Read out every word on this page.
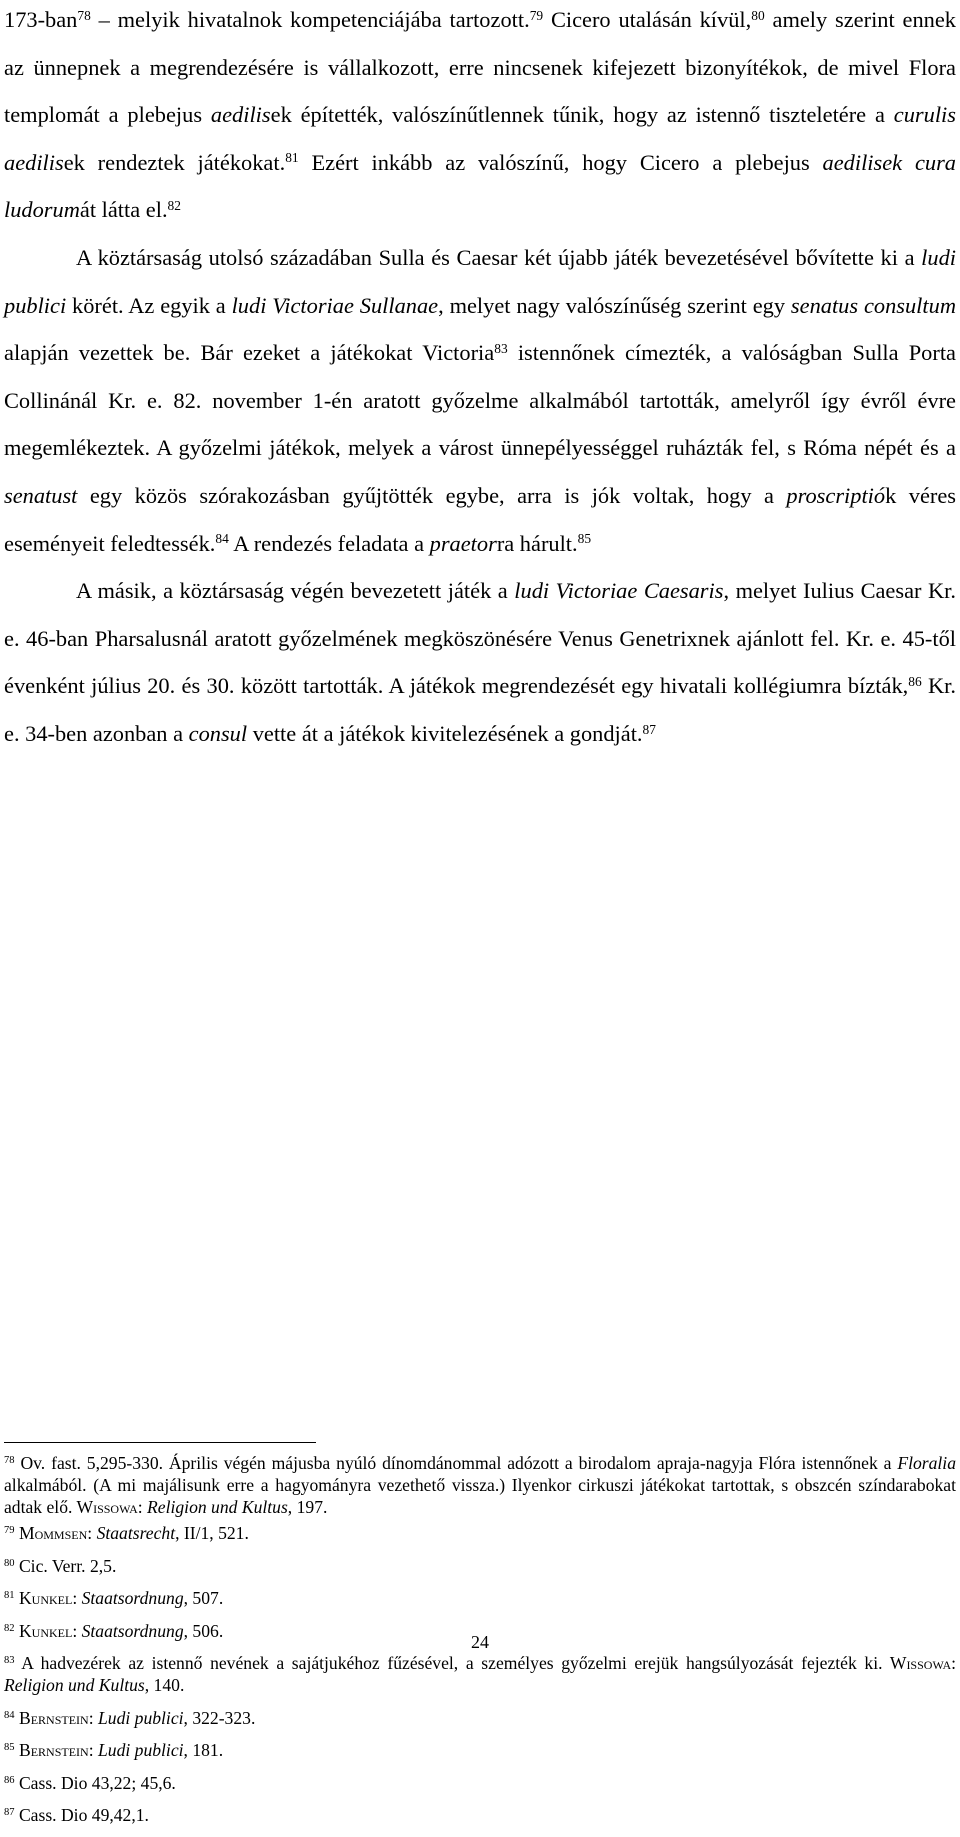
173-ban$^{78}$ – melyik hivatalnok kompetenciájába tartozott.$^{79}$ Cicero utalásán kívül,$^{80}$ amely szerint ennek az ünnepnek a megrendezésére is vállalkozott, erre nincsenek kifejezett bizonyítékok, de mivel Flora templomát a plebejus aedilisek építették, valószínűtlennek tűnik, hogy az istennő tiszteletére a curulis aedilisek rendeztek játékokat.$^{81}$ Ezért inkább az valószínű, hogy Cicero a plebejus aedilisek cura ludorumát látta el.$^{82}$

A köztársaság utolsó századában Sulla és Caesar két újabb játék bevezetésével bővítette ki a ludi publici körét. Az egyik a ludi Victoriae Sullanae, melyet nagy valószínűség szerint egy senatus consultum alapján vezettek be. Bár ezeket a játékokat Victoria$^{83}$ istennőnek címezték, a valóságban Sulla Porta Collinánál Kr. e. 82. november 1-én aratott győzelme alkalmából tartották, amelyről így évről évre megemlékeztek. A győzelmi játékok, melyek a várost ünnepélyességgel ruházták fel, s Róma népét és a senatust egy közös szórakozásban gyűjtötték egybe, arra is jók voltak, hogy a proscriptiók véres eseményeit feledtessék.$^{84}$ A rendezés feladata a praetorra hárult.$^{85}$

A másik, a köztársaság végén bevezetett játék a ludi Victoriae Caesaris, melyet Iulius Caesar Kr. e. 46-ban Pharsalusnál aratott győzelmének megköszönésére Venus Genetrixnek ajánlott fel. Kr. e. 45-től évenként július 20. és 30. között tartották. A játékok megrendezését egy hivatali kollégiumra bízták,$^{86}$ Kr. e. 34-ben azonban a consul vette át a játékok kivitelezésének a gondját.$^{87}$

$^{78}$ Ov. fast. 5,295-330. Április végén májusba nyúló dínomdánommal adózott a birodalom apraja-nagyja Flóra istennőnek a Floralia alkalmából. (A mi majálisunk erre a hagyományra vezethető vissza.) Ilyenkor cirkuszi játékokat tartottak, s obszcén színdarabokat adtak elő. Wissowa: Religion und Kultus, 197.
$^{79}$ Mommsen: Staatsrecht, II/1, 521.
$^{80}$ Cic. Verr. 2,5.
$^{81}$ Kunkel: Staatsordnung, 507.
$^{82}$ Kunkel: Staatsordnung, 506.
$^{83}$ A hadvezérek az istennő nevének a sajátjukéhoz fűzésével, a személyes győzelmi erejük hangsúlyozását fejezték ki. Wissowa: Religion und Kultus, 140.
$^{84}$ Bernstein: Ludi publici, 322-323.
$^{85}$ Bernstein: Ludi publici, 181.
$^{86}$ Cass. Dio 43,22; 45,6.
$^{87}$ Cass. Dio 49,42,1.
24
